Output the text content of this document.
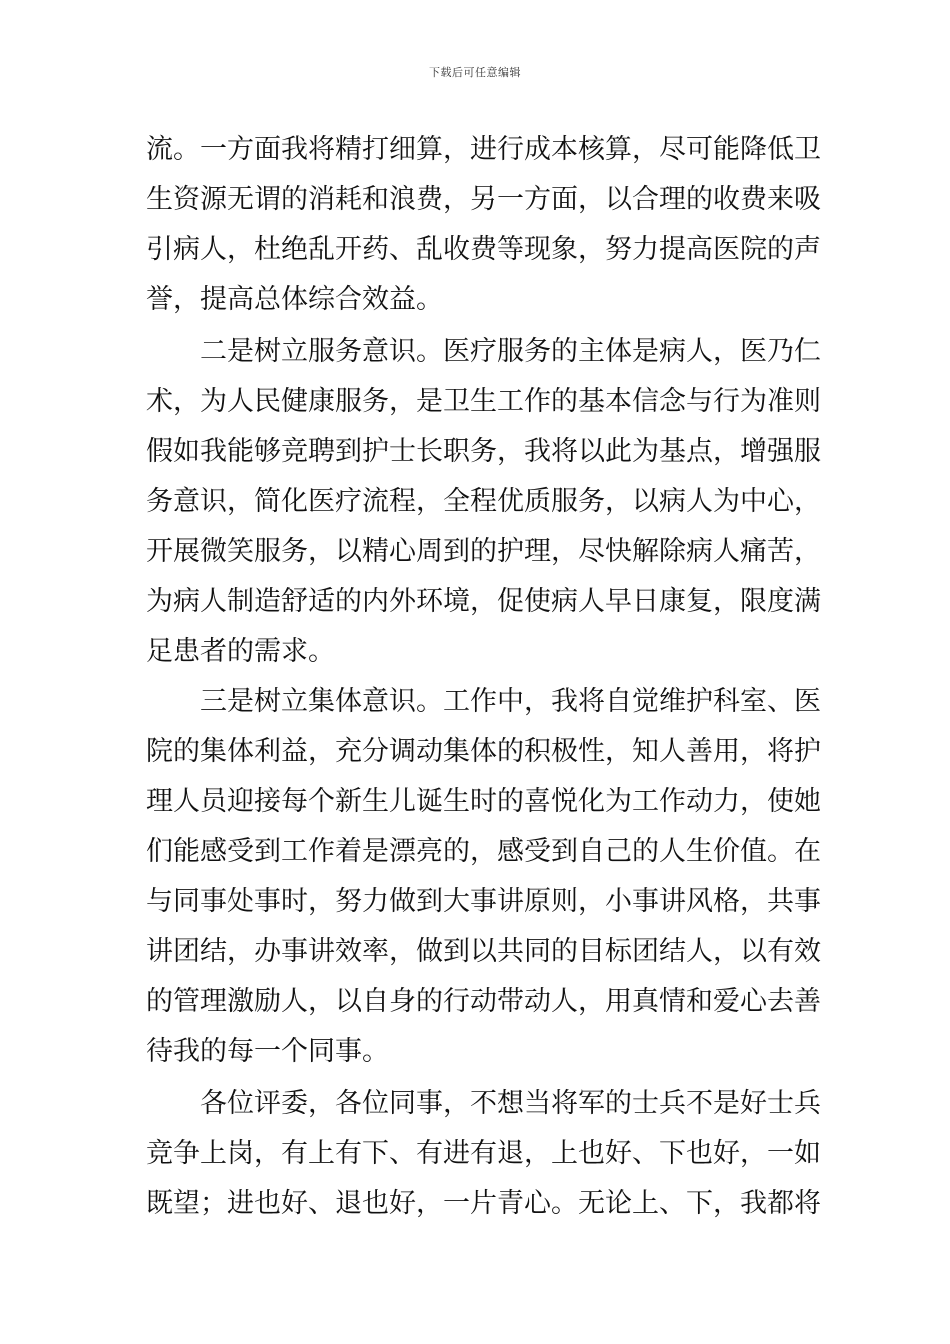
下载后可任意编辑
流。一方面我将精打细算，进行成本核算，尽可能降低卫
生资源无谓的消耗和浪费，另一方面，以合理的收费来吸
引病人，杜绝乱开药、乱收费等现象，努力提高医院的声
誉，提高总体综合效益。
二是树立服务意识。医疗服务的主体是病人，医乃仁
术，为人民健康服务，是卫生工作的基本信念与行为准则
假如我能够竞聘到护士长职务，我将以此为基点，增强服
务意识，简化医疗流程，全程优质服务，以病人为中心，
开展微笑服务，以精心周到的护理，尽快解除病人痛苦，
为病人制造舒适的内外环境，促使病人早日康复，限度满
足患者的需求。
三是树立集体意识。工作中，我将自觉维护科室、医
院的集体利益，充分调动集体的积极性，知人善用，将护
理人员迎接每个新生儿诞生时的喜悦化为工作动力，使她
们能感受到工作着是漂亮的，感受到自己的人生价值。在
与同事处事时，努力做到大事讲原则，小事讲风格，共事
讲团结，办事讲效率，做到以共同的目标团结人，以有效
的管理激励人，以自身的行动带动人，用真情和爱心去善
待我的每一个同事。
各位评委，各位同事，不想当将军的士兵不是好士兵
竞争上岗，有上有下、有进有退，上也好、下也好，一如
既望；进也好、退也好，一片青心。无论上、下，我都将
